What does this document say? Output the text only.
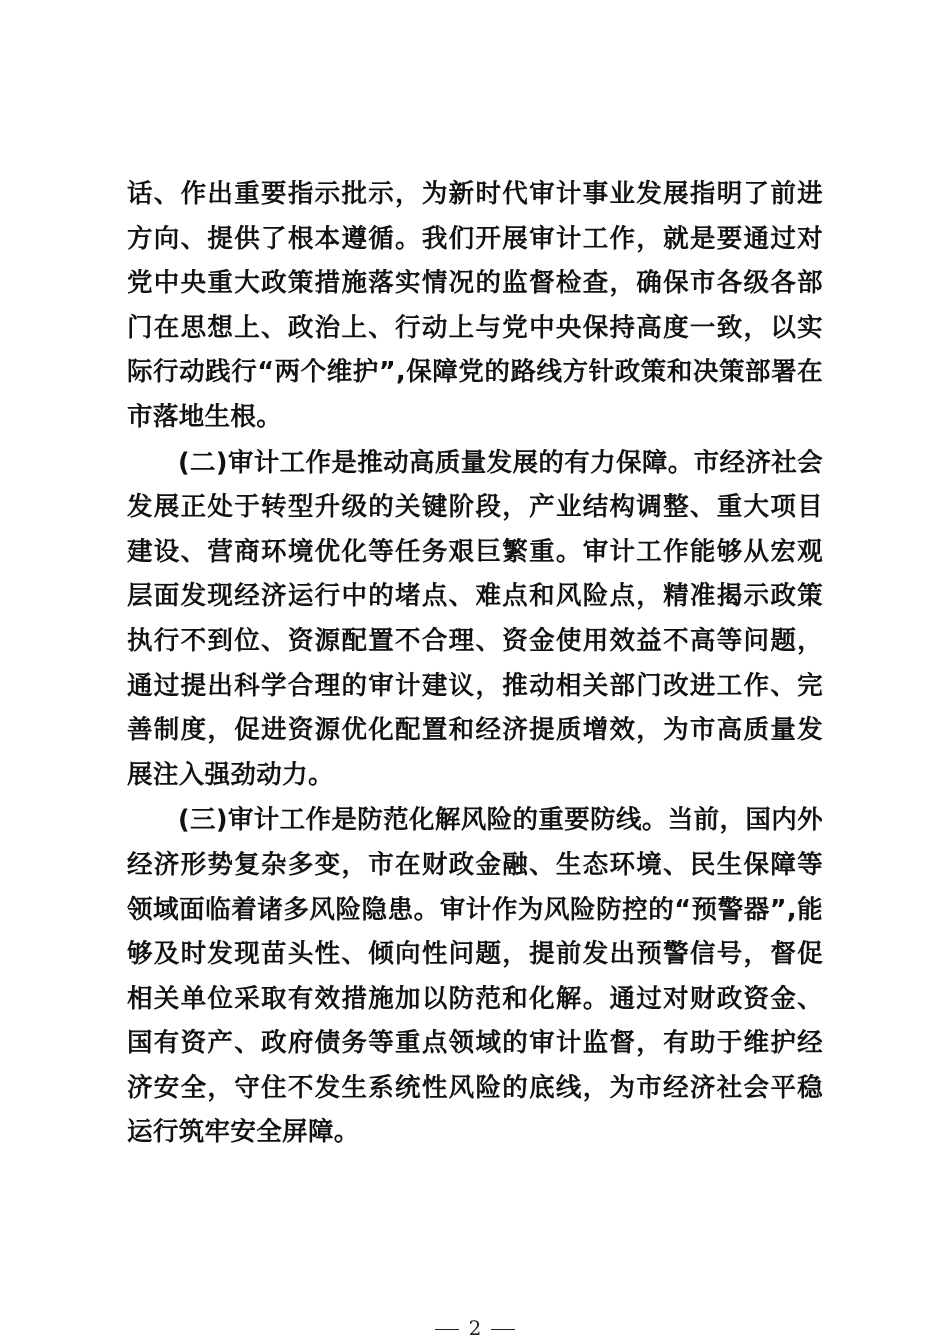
话、作出重要指示批示，为新时代审计事业发展指明了前进方向、提供了根本遵循。我们开展审计工作，就是要通过对党中央重大政策措施落实情况的监督检查，确保市各级各部门在思想上、政治上、行动上与党中央保持高度一致，以实际行动践行“两个维护”,保障党的路线方针政策和决策部署在市落地生根。

(二)审计工作是推动高质量发展的有力保障。市经济社会发展正处于转型升级的关键阶段，产业结构调整、重大项目建设、营商环境优化等任务艰巨繁重。审计工作能够从宏观层面发现经济运行中的堵点、难点和风险点，精准揭示政策执行不到位、资源配置不合理、资金使用效益不高等问题，通过提出科学合理的审计建议，推动相关部门改进工作、完善制度，促进资源优化配置和经济提质增效，为市高质量发展注入强劲动力。

(三)审计工作是防范化解风险的重要防线。当前，国内外经济形势复杂多变，市在财政金融、生态环境、民生保障等领域面临着诸多风险隐患。审计作为风险防控的“预警器”,能够及时发现苗头性、倾向性问题，提前发出预警信号，督促相关单位采取有效措施加以防范和化解。通过对财政资金、国有资产、政府债务等重点领域的审计监督，有助于维护经济安全，守住不发生系统性风险的底线，为市经济社会平稳运行筑牢安全屏障。

2
